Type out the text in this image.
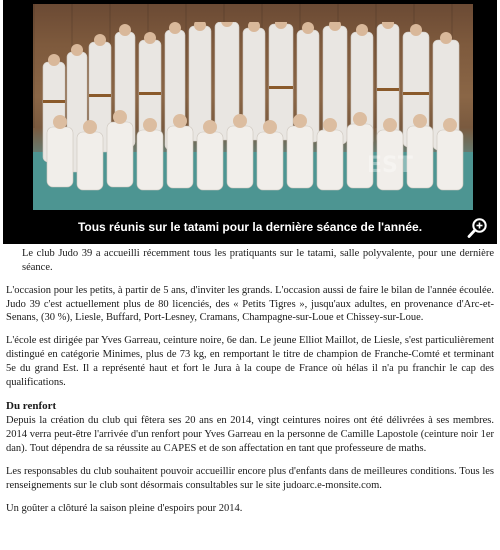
EST
Tous réunis sur le tatami pour la dernière séance de l'année.

Le club Judo 39 a accueilli récemment tous les pratiquants sur le tatami, salle polyvalente, pour une dernière séance.

L'occasion pour les petits, à partir de 5 ans, d'inviter les grands. L'occasion aussi de faire le bilan de l'année écoulée. Judo 39 c'est actuellement plus de 80 licenciés, des « Petits Tigres », jusqu'aux adultes, en provenance d'Arc-et-Senans, (30 %), Liesle, Buffard, Port-Lesney, Cramans, Champagne-sur-Loue et Chissey-sur-Loue.

L'école est dirigée par Yves Garreau, ceinture noire, 6e dan. Le jeune Elliot Maillot, de Liesle, s'est particulièrement distingué en catégorie Minimes, plus de 73 kg, en remportant le titre de champion de Franche-Comté et terminant 5e du grand Est. Il a représenté haut et fort le Jura à la coupe de France où hélas il n'a pu franchir le cap des qualifications.

Du renfort

Depuis la création du club qui fêtera ses 20 ans en 2014, vingt ceintures noires ont été délivrées à ses membres. 2014 verra peut-être l'arrivée d'un renfort pour Yves Garreau en la personne de Camille Lapostole (ceinture noir 1er dan). Tout dépendra de sa réussite au CAPES et de son affectation en tant que professeure de maths.

Les responsables du club souhaitent pouvoir accueillir encore plus d'enfants dans de meilleures conditions. Tous les renseignements sur le club sont désormais consultables sur le site judoarc.e-monsite.com.

Un goûter a clôturé la saison pleine d'espoirs pour 2014.
